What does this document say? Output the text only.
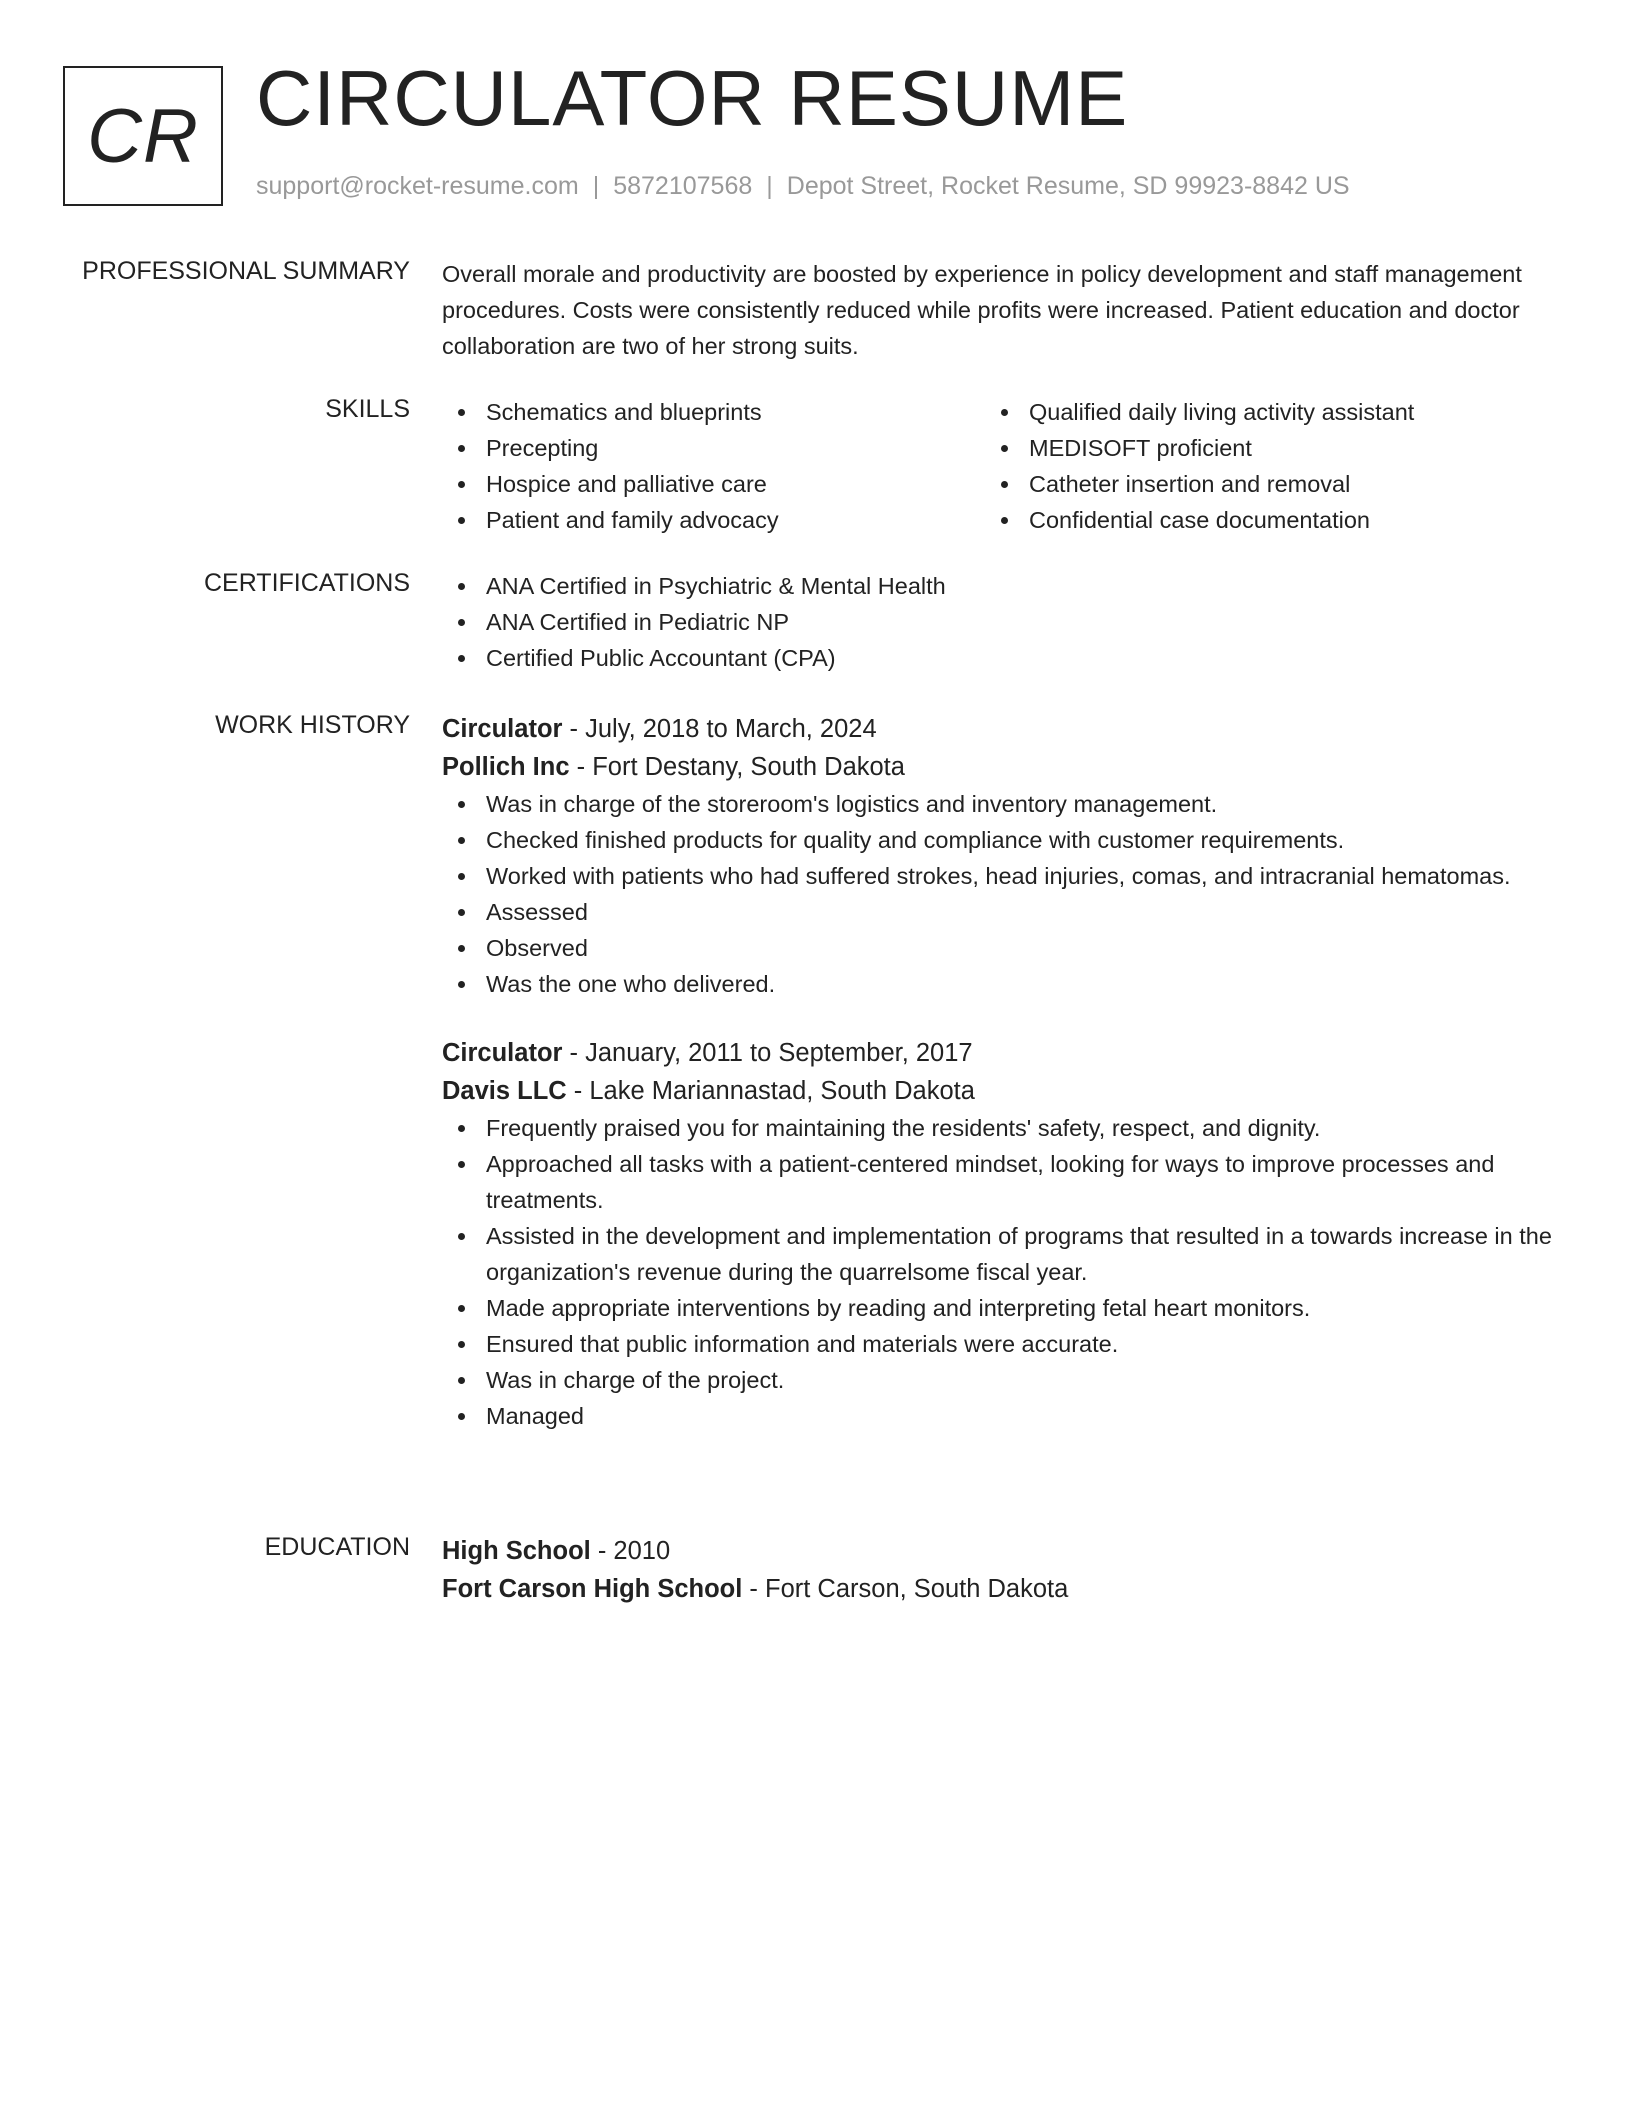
CR CIRCULATOR RESUME
support@rocket-resume.com | 5872107568 | Depot Street, Rocket Resume, SD 99923-8842 US
PROFESSIONAL SUMMARY Overall morale and productivity are boosted by experience in policy development and staff management procedures. Costs were consistently reduced while profits were increased. Patient education and doctor collaboration are two of her strong suits.

SKILLS	Schematics and blueprints
Precepting
Hospice and palliative care
Patient and family advocacy
Qualified daily living activity assistant
MEDISOFT proficient
Catheter insertion and removal
Confidential case documentation
CERTIFICATIONS	ANA Certified in Psychiatric & Mental Health
ANA Certified in Pediatric NP
Certified Public Accountant (CPA)
WORK HISTORY Circulator - July, 2018 to March, 2024
Pollich Inc - Fort Destany, South Dakota
Was in charge of the storeroom's logistics and inventory management.
Checked finished products for quality and compliance with customer requirements.
Worked with patients who had suffered strokes, head injuries, comas, and intracranial hematomas.
Assessed
Observed
Was the one who delivered.
Circulator - January, 2011 to September, 2017
Davis LLC - Lake Mariannastad, South Dakota
Frequently praised you for maintaining the residents' safety, respect, and dignity.
Approached all tasks with a patient-centered mindset, looking for ways to improve processes and treatments.
Assisted in the development and implementation of programs that resulted in a towards increase in the organization's revenue during the quarrelsome fiscal year.
Made appropriate interventions by reading and interpreting fetal heart monitors.
Ensured that public information and materials were accurate.
Was in charge of the project.
Managed
EDUCATION High School - 2010
Fort Carson High School - Fort Carson, South Dakota
